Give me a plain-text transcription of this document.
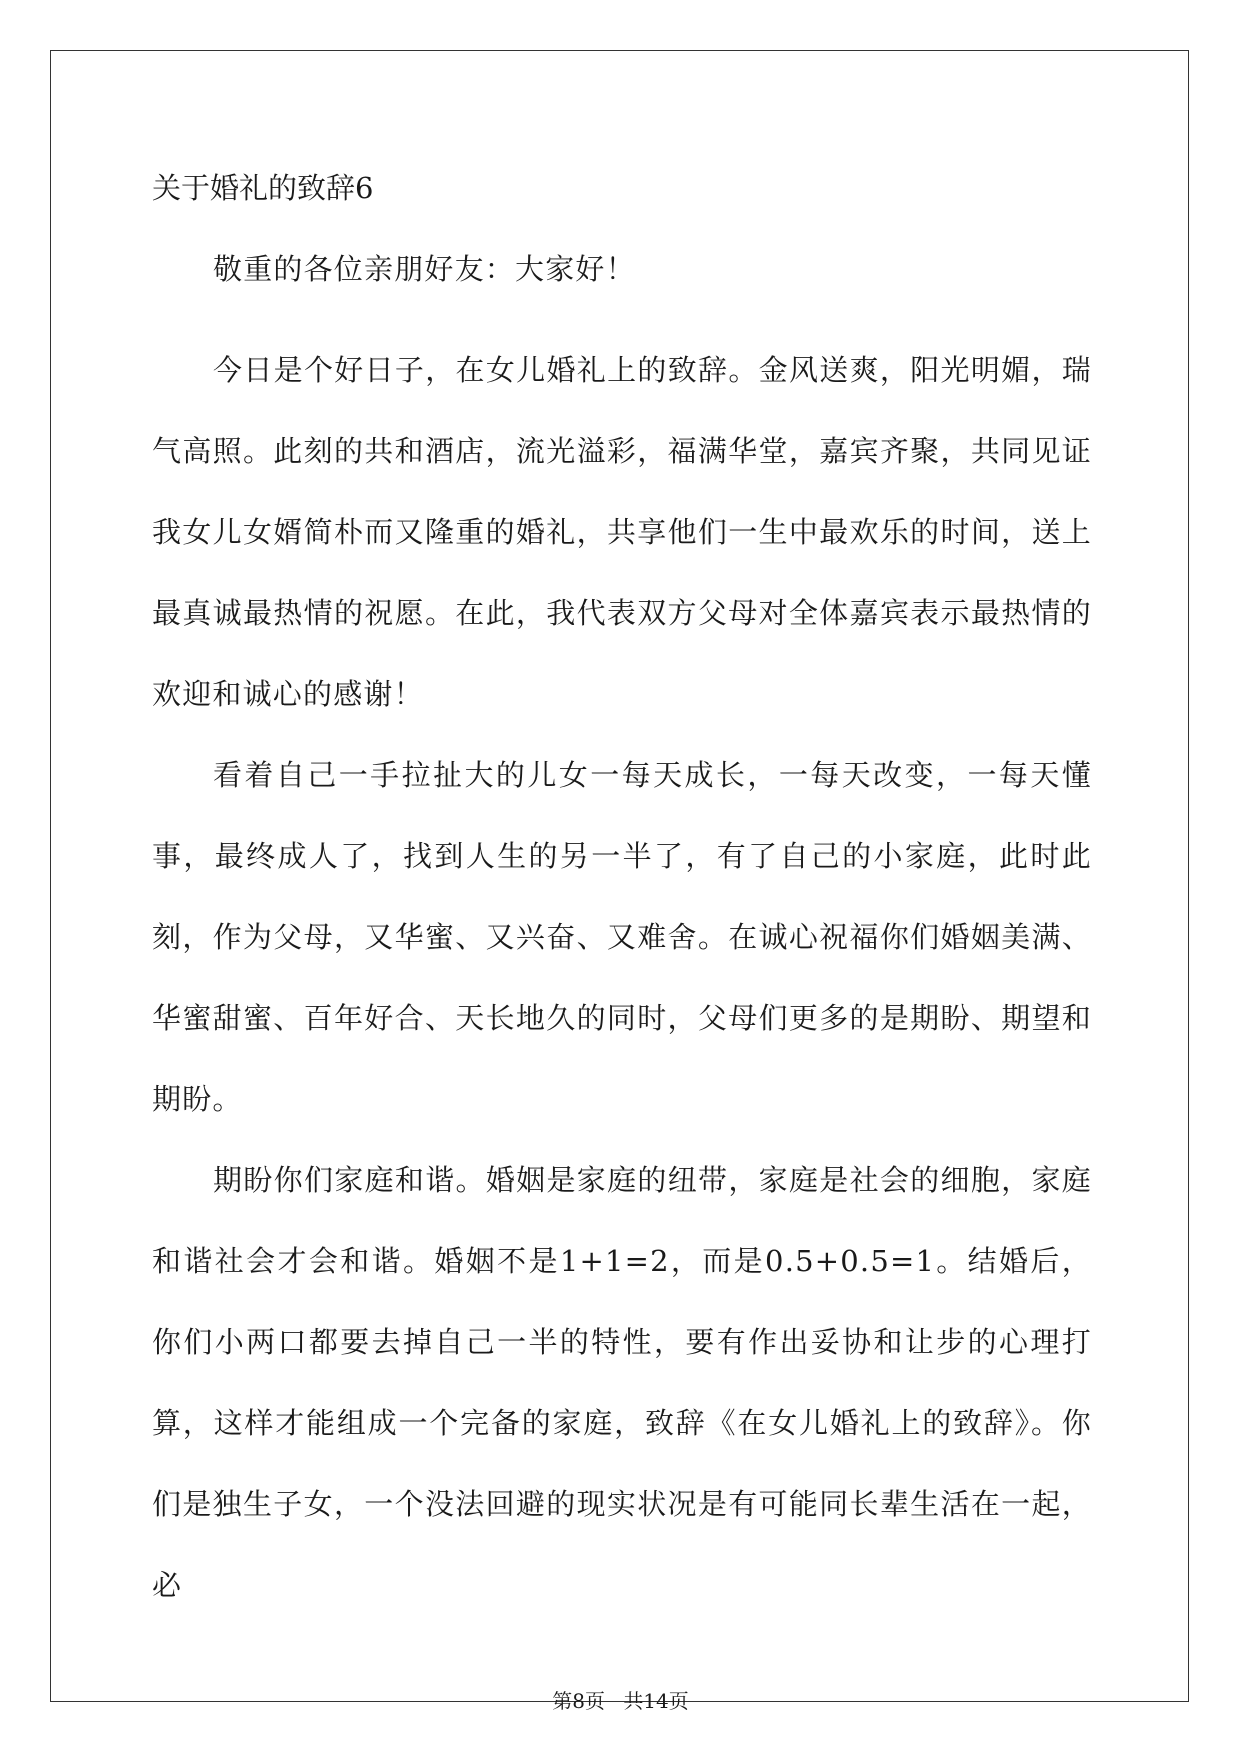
关于婚礼的致辞6

敬重的各位亲朋好友：大家好！

今日是个好日子，在女儿婚礼上的致辞。金风送爽，阳光明媚，瑞气高照。此刻的共和酒店，流光溢彩，福满华堂，嘉宾齐聚，共同见证我女儿女婿简朴而又隆重的婚礼，共享他们一生中最欢乐的时间，送上最真诚最热情的祝愿。在此，我代表双方父母对全体嘉宾表示最热情的欢迎和诚心的感谢！

看着自己一手拉扯大的儿女一每天成长，一每天改变，一每天懂事，最终成人了，找到人生的另一半了，有了自己的小家庭，此时此刻，作为父母，又华蜜、又兴奋、又难舍。在诚心祝福你们婚姻美满、华蜜甜蜜、百年好合、天长地久的同时，父母们更多的是期盼、期望和期盼。

期盼你们家庭和谐。婚姻是家庭的纽带，家庭是社会的细胞，家庭和谐社会才会和谐。婚姻不是1+1=2，而是0.5+0.5=1。结婚后，你们小两口都要去掉自己一半的特性，要有作出妥协和让步的心理打算，这样才能组成一个完备的家庭，致辞《在女儿婚礼上的致辞》。你们是独生子女，一个没法回避的现实状况是有可能同长辈生活在一起，必

第8页 共14页
